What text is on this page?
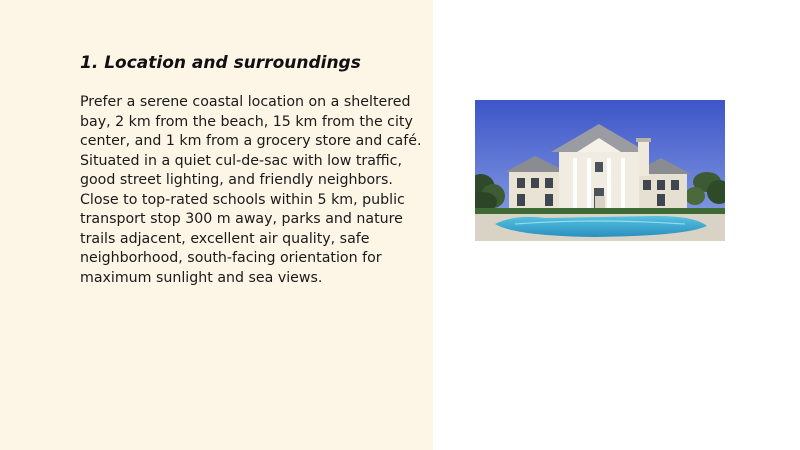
1. Location and surroundings

Prefer a serene coastal location on a sheltered bay, 2 km from the beach, 15 km from the city center, and 1 km from a grocery store and café. Situated in a quiet cul-de-sac with low traffic, good street lighting, and friendly neighbors. Close to top-rated schools within 5 km, public transport stop 300 m away, parks and nature trails adjacent, excellent air quality, safe neighborhood, south-facing orientation for maximum sunlight and sea views.
